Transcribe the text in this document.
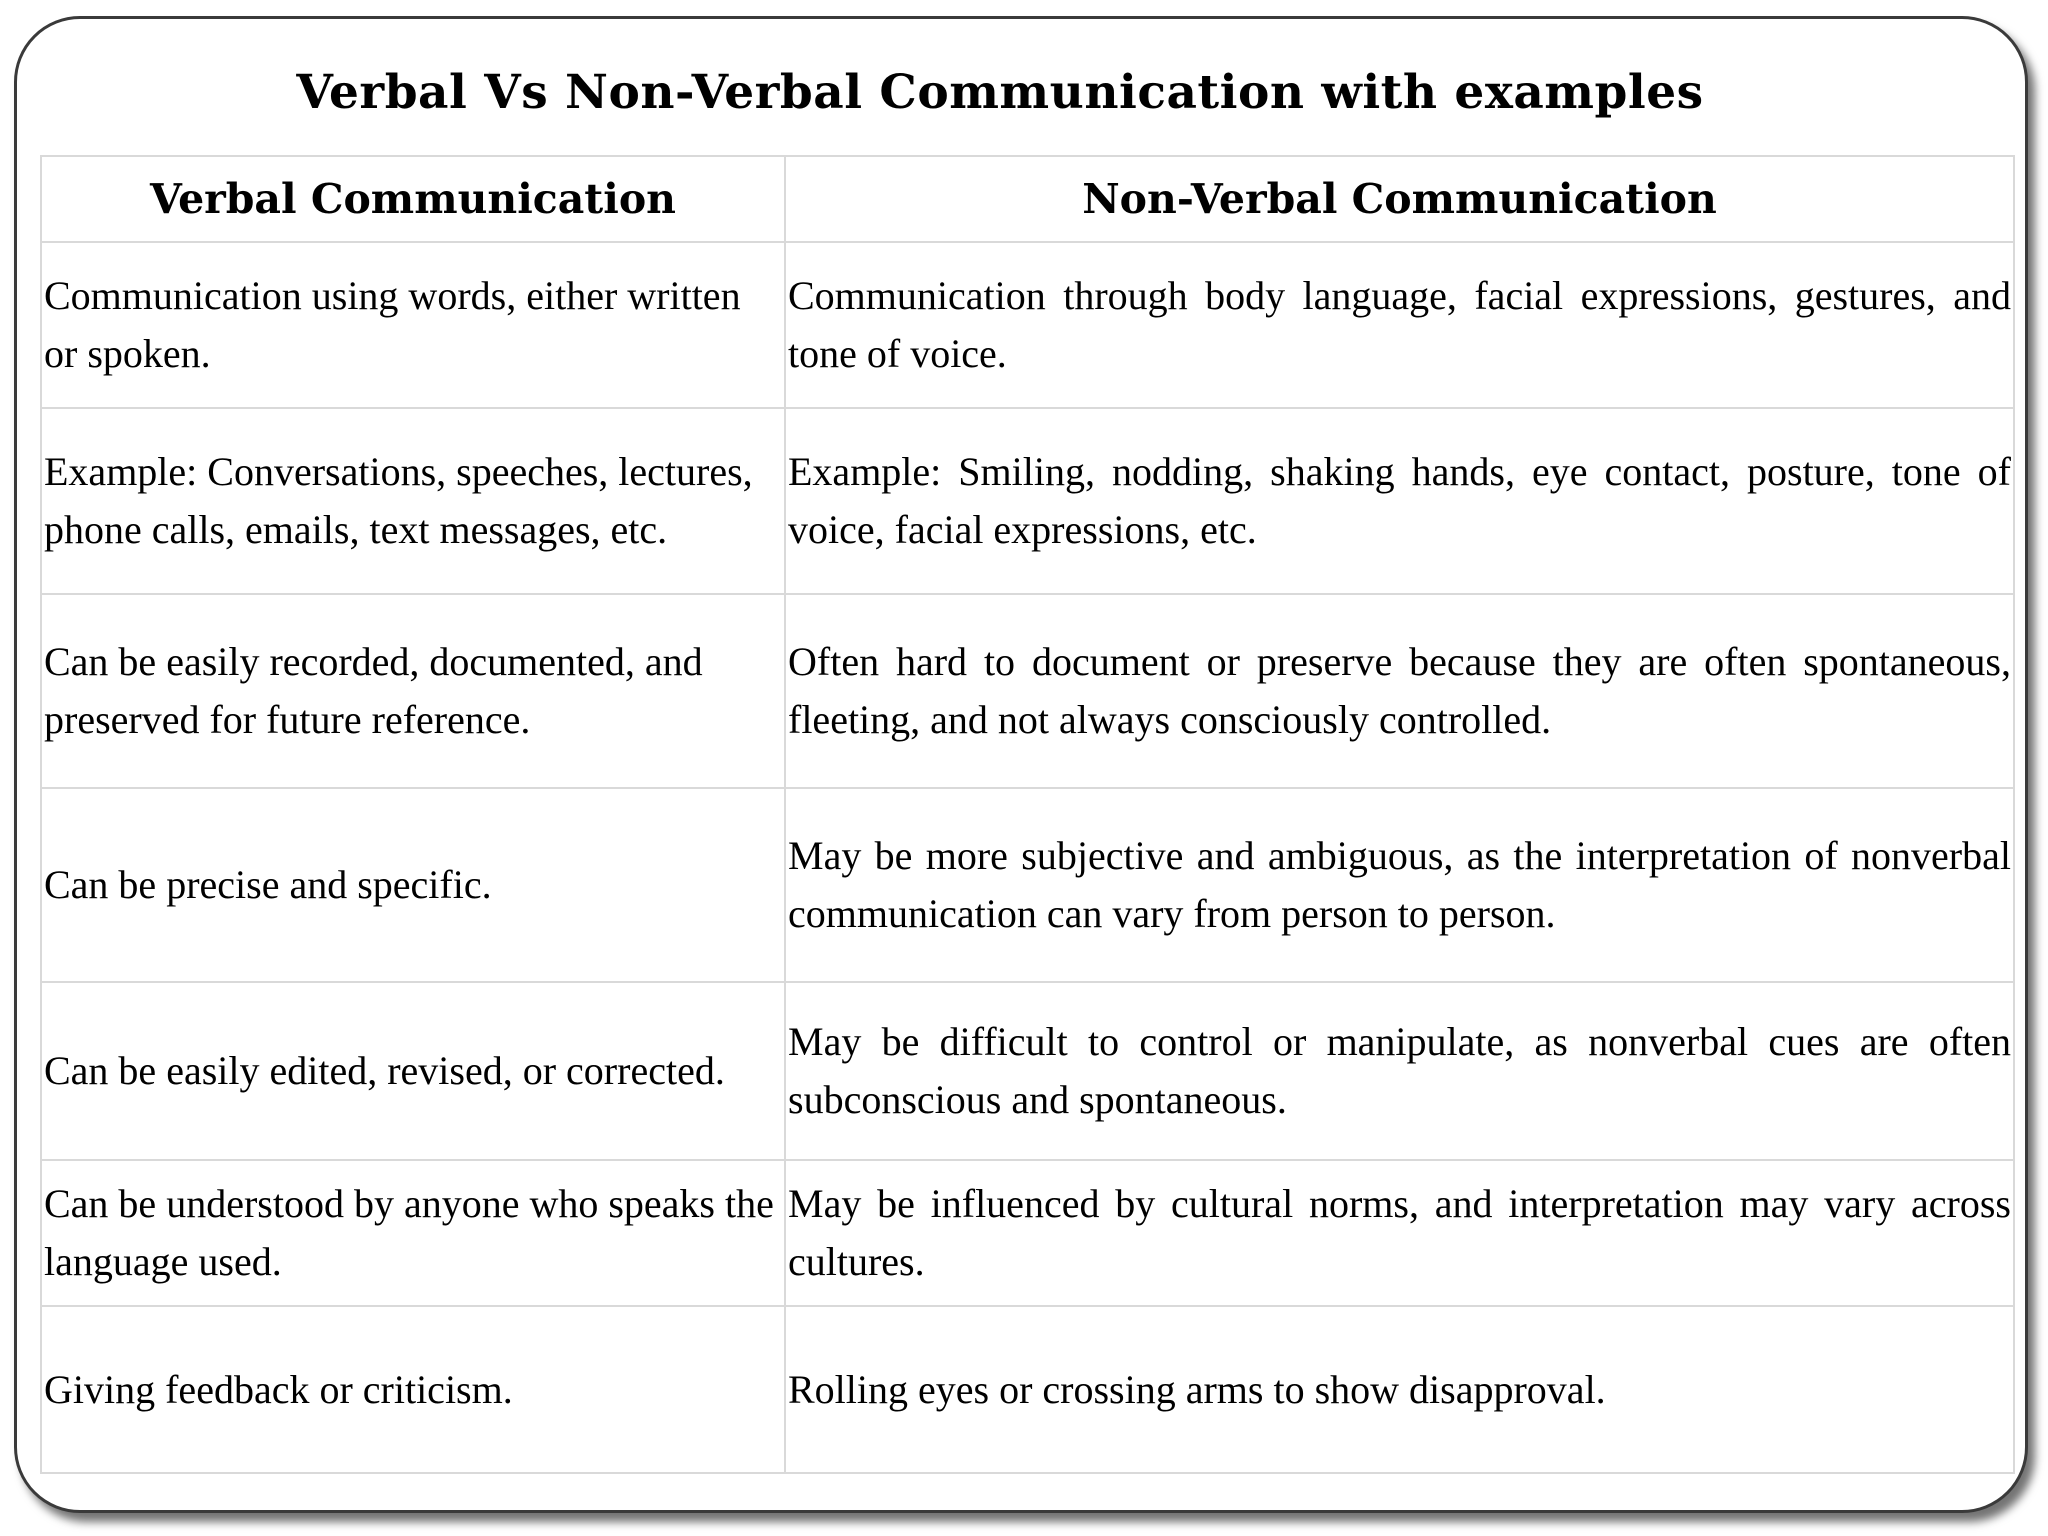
Verbal Vs Non-Verbal Communication with examples
Verbal Communication	Non-Verbal Communication
Communication using words, either written or spoken.	Communication through body language, facial expressions, gestures, and tone of voice.
Example: Conversations, speeches, lectures, phone calls, emails, text messages, etc.	Example: Smiling, nodding, shaking hands, eye contact, posture, tone of voice, facial expressions, etc.
Can be easily recorded, documented, and preserved for future reference.	Often hard to document or preserve because they are often spontaneous, fleeting, and not always consciously controlled.
Can be precise and specific.	May be more subjective and ambiguous, as the interpretation of nonverbal communication can vary from person to person.
Can be easily edited, revised, or corrected.	May be difficult to control or manipulate, as nonverbal cues are often subconscious and spontaneous.
Can be understood by anyone who speaks the language used.	May be influenced by cultural norms, and interpretation may vary across cultures.
Giving feedback or criticism.	Rolling eyes or crossing arms to show disapproval.
